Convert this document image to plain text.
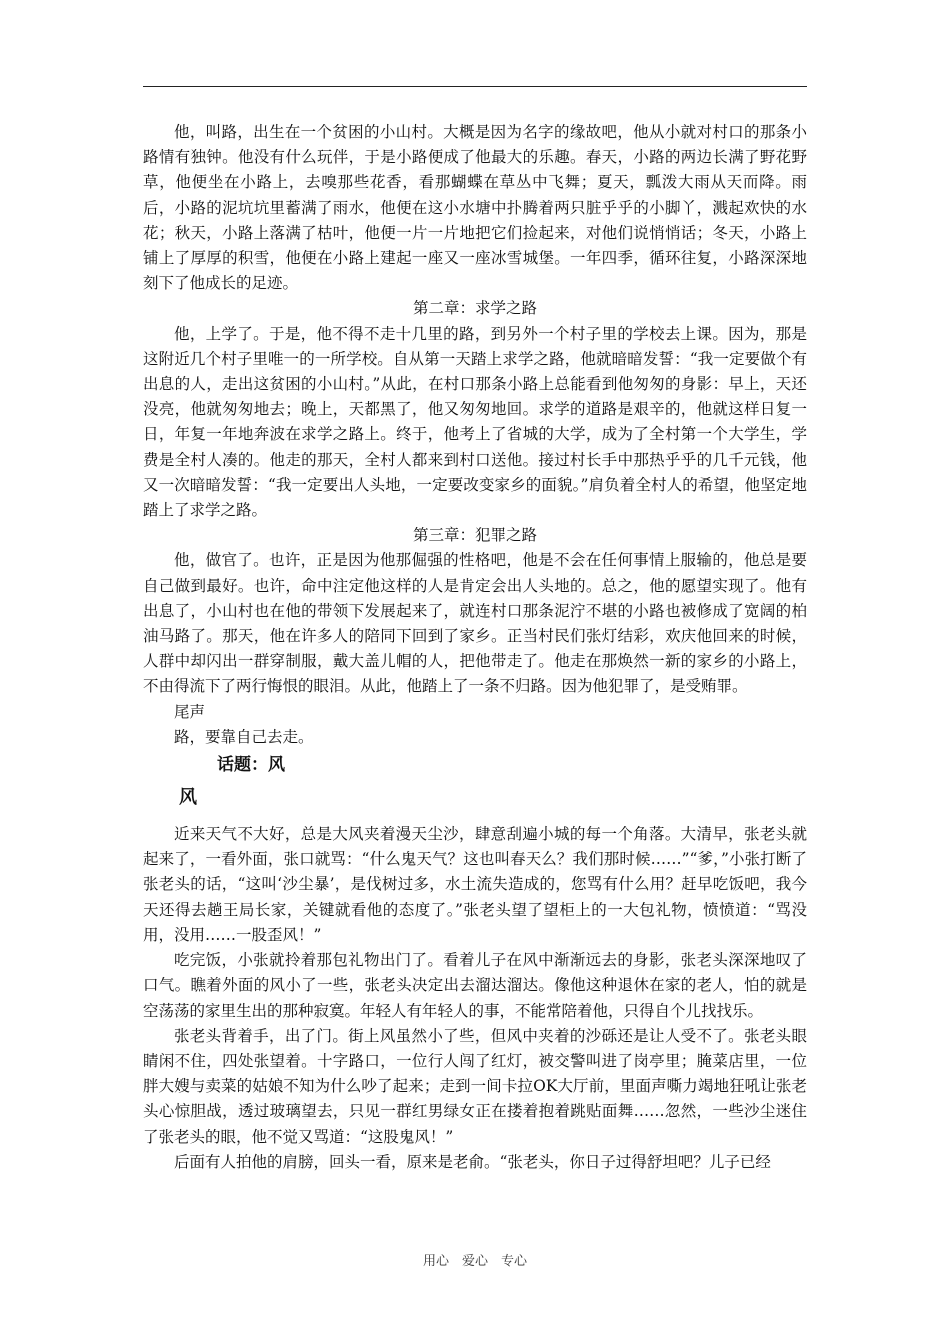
他，叫路，出生在一个贫困的小山村。大概是因为名字的缘故吧，他从小就对村口的那条小路情有独钟。他没有什么玩伴，于是小路便成了他最大的乐趣。春天，小路的两边长满了野花野草，他便坐在小路上，去嗅那些花香，看那蝴蝶在草丛中飞舞；夏天，瓢泼大雨从天而降。雨后，小路的泥坑坑里蓄满了雨水，他便在这小水塘中扑腾着两只脏乎乎的小脚丫，溅起欢快的水花；秋天，小路上落满了枯叶，他便一片一片地把它们捡起来，对他们说悄悄话；冬天，小路上铺上了厚厚的积雪，他便在小路上建起一座又一座冰雪城堡。一年四季，循环往复，小路深深地刻下了他成长的足迹。

第二章：求学之路

他，上学了。于是，他不得不走十几里的路，到另外一个村子里的学校去上课。因为，那是这附近几个村子里唯一的一所学校。自从第一天踏上求学之路，他就暗暗发誓：“我一定要做个有出息的人，走出这贫困的小山村。”从此，在村口那条小路上总能看到他匆匆的身影：早上，天还没亮，他就匆匆地去；晚上，天都黑了，他又匆匆地回。求学的道路是艰辛的，他就这样日复一日，年复一年地奔波在求学之路上。终于，他考上了省城的大学，成为了全村第一个大学生，学费是全村人凑的。他走的那天，全村人都来到村口送他。接过村长手中那热乎乎的几千元钱，他又一次暗暗发誓：“我一定要出人头地，一定要改变家乡的面貌。”肩负着全村人的希望，他坚定地踏上了求学之路。

第三章：犯罪之路

他，做官了。也许，正是因为他那倔强的性格吧，他是不会在任何事情上服输的，他总是要自己做到最好。也许，命中注定他这样的人是肯定会出人头地的。总之，他的愿望实现了。他有出息了，小山村也在他的带领下发展起来了，就连村口那条泥泞不堪的小路也被修成了宽阔的柏油马路了。那天，他在许多人的陪同下回到了家乡。正当村民们张灯结彩，欢庆他回来的时候，人群中却闪出一群穿制服，戴大盖儿帽的人，把他带走了。他走在那焕然一新的家乡的小路上，不由得流下了两行悔恨的眼泪。从此，他踏上了一条不归路。因为他犯罪了，是受贿罪。

尾声

路，要靠自己去走。

话题：风

风

近来天气不大好，总是大风夹着漫天尘沙，肆意刮遍小城的每一个角落。大清早，张老头就起来了，一看外面，张口就骂：“什么鬼天气？这也叫春天么？我们那时候……”“爹，”小张打断了张老头的话，“这叫‘沙尘暴’，是伐树过多，水土流失造成的，您骂有什么用？赶早吃饭吧，我今天还得去趟王局长家，关键就看他的态度了。”张老头望了望柜上的一大包礼物，愤愤道：“骂没用，没用……一股歪风！”

吃完饭，小张就拎着那包礼物出门了。看着儿子在风中渐渐远去的身影，张老头深深地叹了口气。瞧着外面的风小了一些，张老头决定出去溜达溜达。像他这种退休在家的老人，怕的就是空荡荡的家里生出的那种寂寞。年轻人有年轻人的事，不能常陪着他，只得自个儿找找乐。

张老头背着手，出了门。街上风虽然小了些，但风中夹着的沙砾还是让人受不了。张老头眼睛闲不住，四处张望着。十字路口，一位行人闯了红灯，被交警叫进了岗亭里；腌菜店里，一位胖大嫂与卖菜的姑娘不知为什么吵了起来；走到一间卡拉OK大厅前，里面声嘶力竭地狂吼让张老头心惊胆战，透过玻璃望去，只见一群红男绿女正在搂着抱着跳贴面舞……忽然，一些沙尘迷住了张老头的眼，他不觉又骂道：“这股鬼风！”

后面有人拍他的肩膀，回头一看，原来是老俞。“张老头，你日子过得舒坦吧？儿子已经

用心　爱心　专心
